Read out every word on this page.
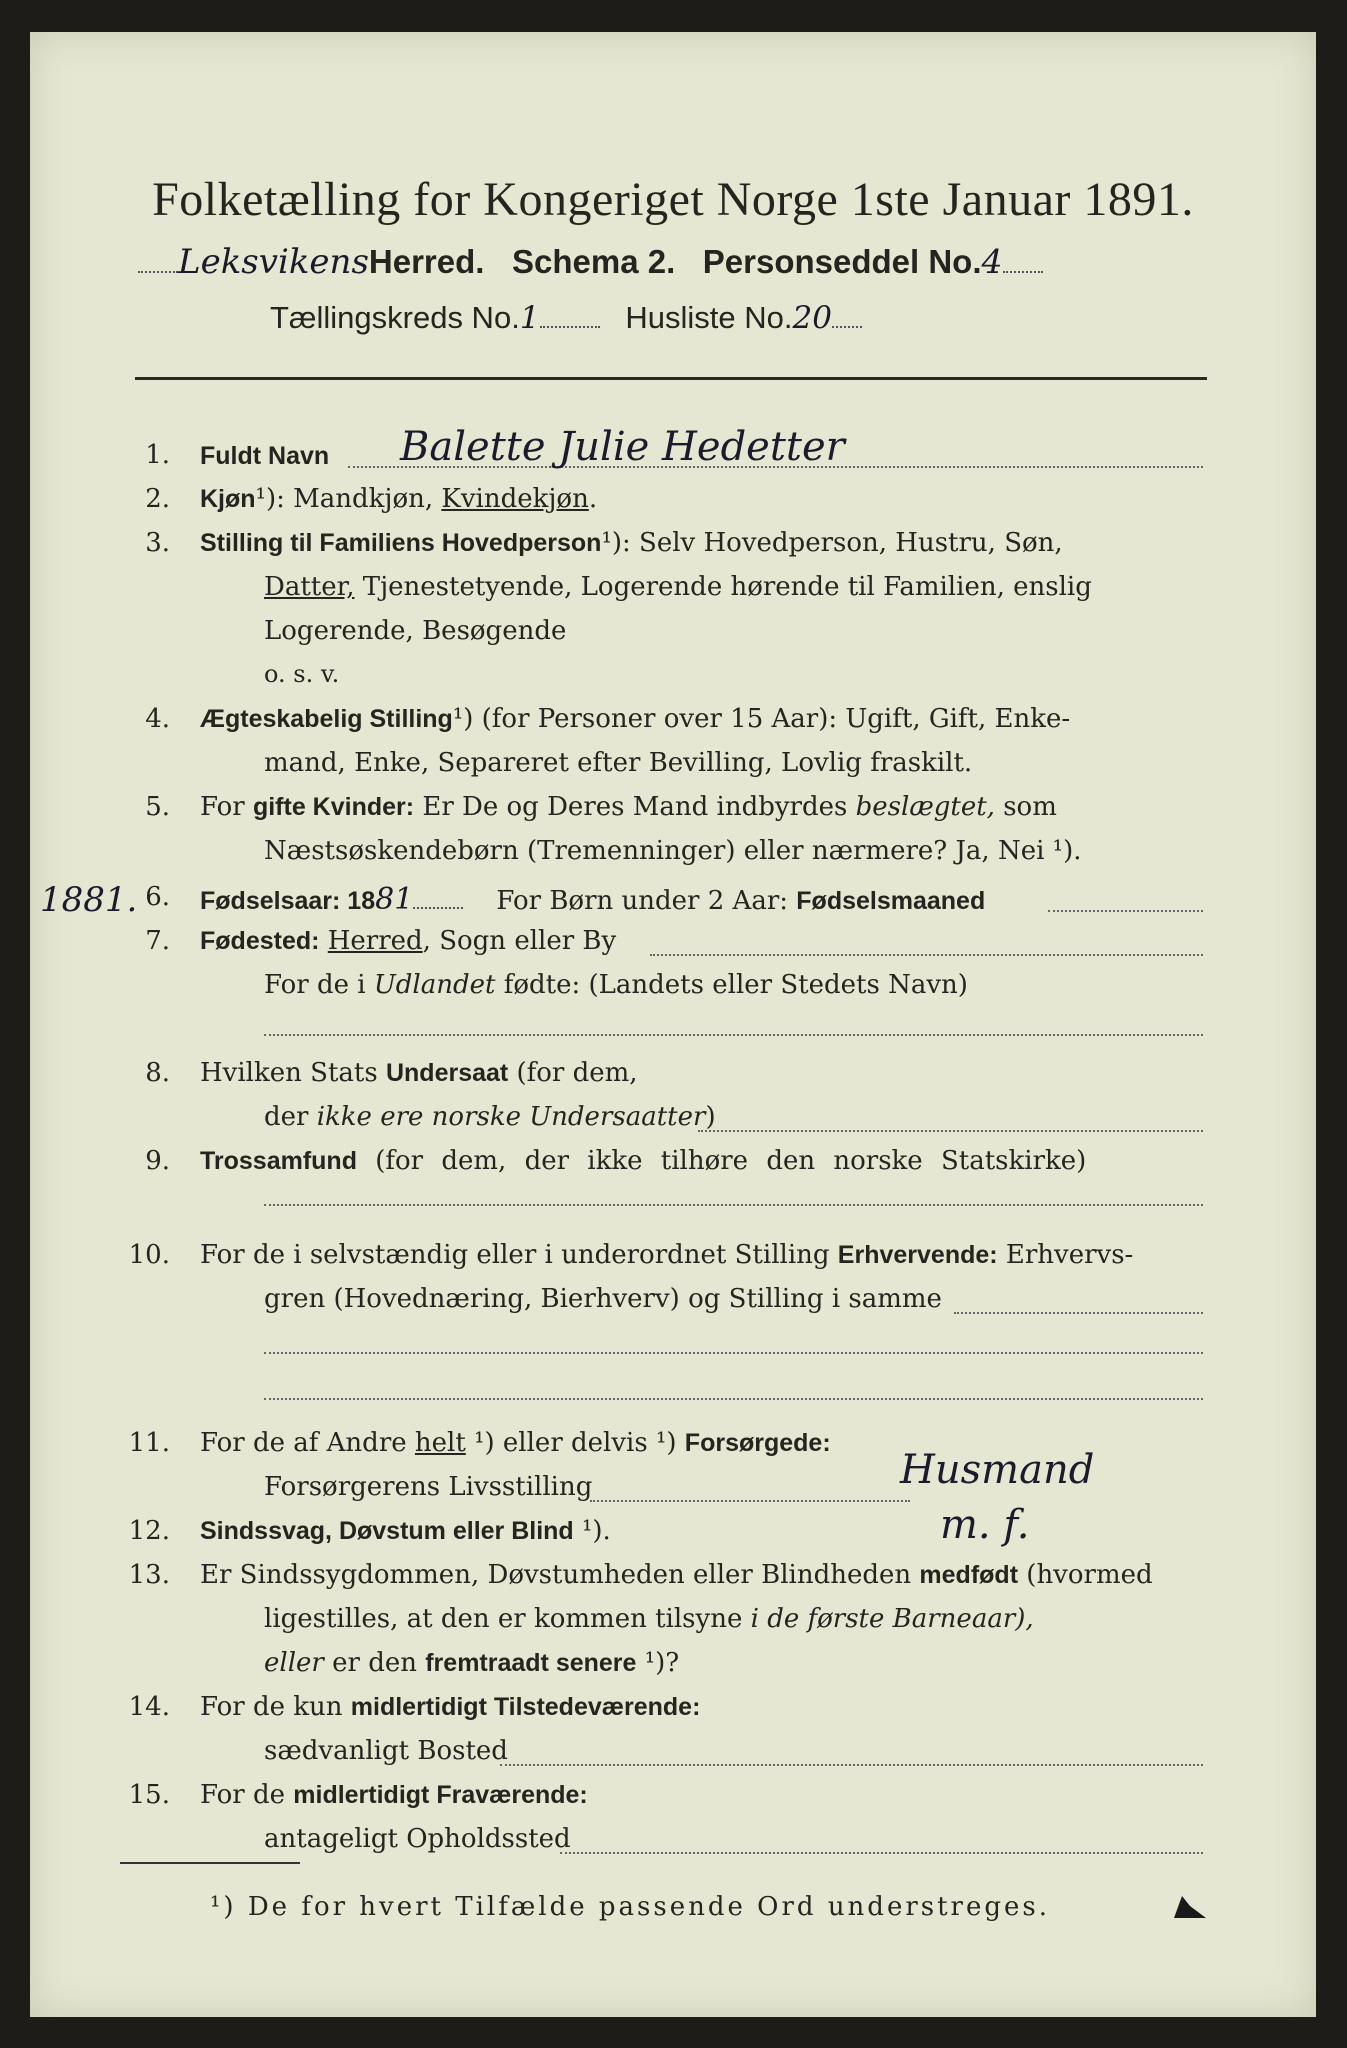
Folketælling for Kongeriget Norge 1ste Januar 1891.
LeksvikensHerred. Schema 2. Personseddel No.4
Tællingskreds No.1	Husliste No.20
1. Fuldt Navn Balette Julie Hedetter
2. Kjøn¹): Mandkjøn, Kvindekjøn.
3. Stilling til Familiens Hovedperson¹): Selv Hovedperson, Hustru, Søn,
Datter, Tjenestetyende, Logerende hørende til Familien, enslig
Logerende, Besøgende
o. s. v.
4. Ægteskabelig Stilling¹) (for Personer over 15 Aar): Ugift, Gift, Enke-
mand, Enke, Separeret efter Bevilling, Lovlig fraskilt.
5. For gifte Kvinder: Er De og Deres Mand indbyrdes beslægtet, som
Næstsøskendebørn (Tremenninger) eller nærmere? Ja, Nei ¹).
1881. 6. Fødselsaar: 1881	For Børn under 2 Aar: Fødselsmaaned
7. Fødested: Herred, Sogn eller By
For de i Udlandet fødte: (Landets eller Stedets Navn)
8. Hvilken Stats Undersaat (for dem,
der ikke ere norske Undersaatter)
9. Trossamfund (for dem, der ikke tilhøre den norske Statskirke)
10. For de i selvstændig eller i underordnet Stilling Erhvervende: Erhvervs-
gren (Hovednæring, Bierhverv) og Stilling i samme
11. For de af Andre helt ¹) eller delvis ¹) Forsørgede:
Forsørgerens Livsstilling	Husmand
12. Sindssvag, Døvstum eller Blind ¹).	m. f.
13. Er Sindssygdommen, Døvstumheden eller Blindheden medfødt (hvormed
ligestilles, at den er kommen tilsyne i de første Barneaar),
eller er den fremtraadt senere ¹)?
14. For de kun midlertidigt Tilstedeværende:
sædvanligt Bosted
15. For de midlertidigt Fraværende:
antageligt Opholdssted
¹) De for hvert Tilfælde passende Ord understreges.
